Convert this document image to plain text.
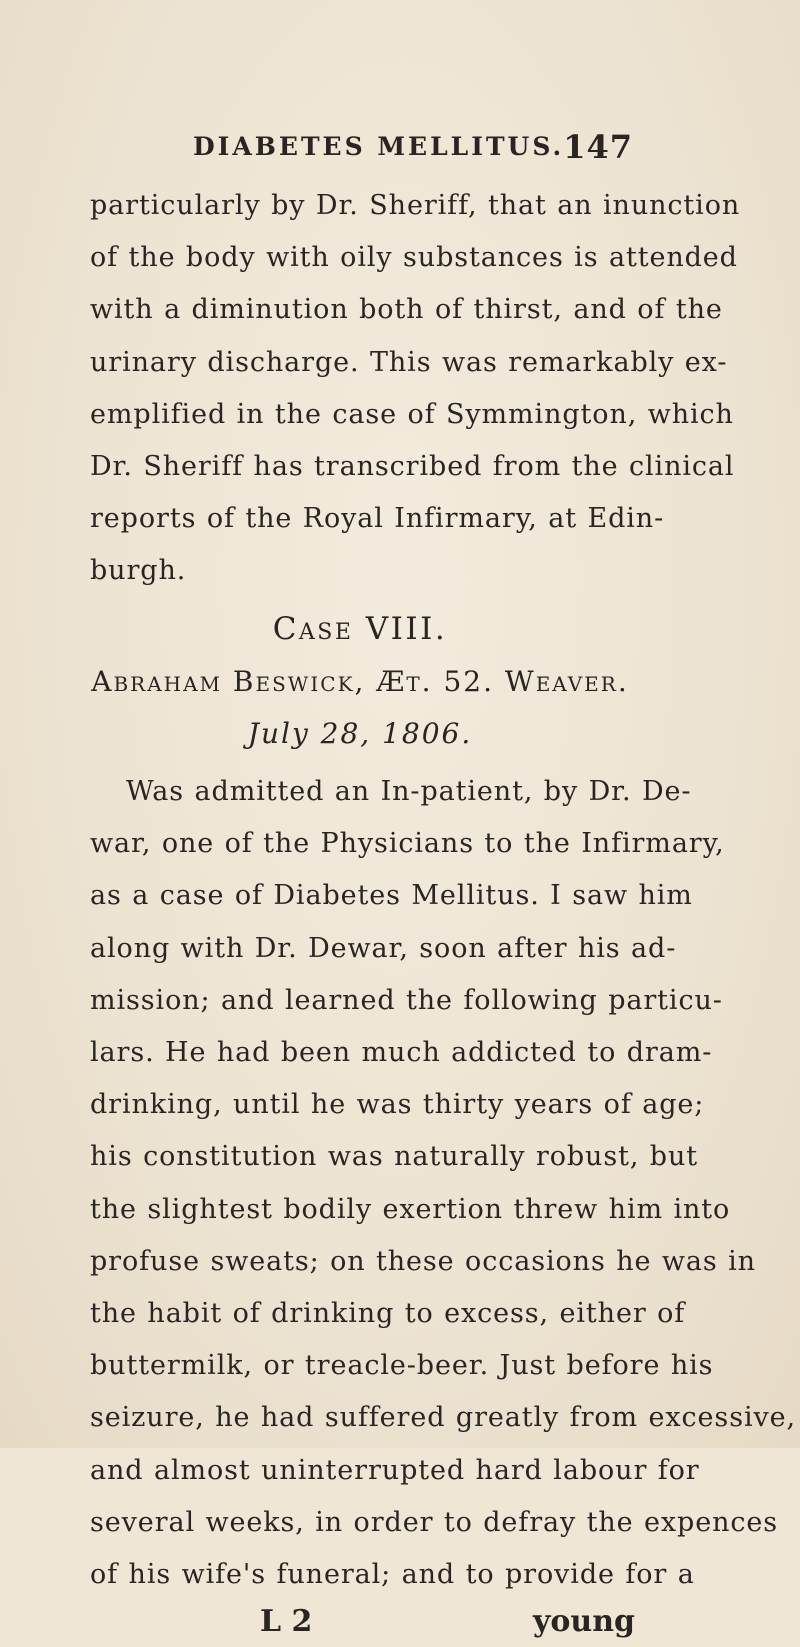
DIABETES MELLITUS.
147
particularly by Dr. Sheriff, that an inunction
of the body with oily substances is attended
with a diminution both of thirst, and of the
urinary discharge. This was remarkably ex-
emplified in the case of Symmington, which
Dr. Sheriff has transcribed from the clinical
reports of the Royal Infirmary, at Edin-
burgh.
Case VIII.
Abraham Beswick, Æt. 52. Weaver.
July 28, 1806.
Was admitted an In-patient, by Dr. De-
war, one of the Physicians to the Infirmary,
as a case of Diabetes Mellitus. I saw him
along with Dr. Dewar, soon after his ad-
mission; and learned the following particu-
lars. He had been much addicted to dram-
drinking, until he was thirty years of age;
his constitution was naturally robust, but
the slightest bodily exertion threw him into
profuse sweats; on these occasions he was in
the habit of drinking to excess, either of
buttermilk, or treacle-beer. Just before his
seizure, he had suffered greatly from excessive,
and almost uninterrupted hard labour for
several weeks, in order to defray the expences
of his wife's funeral; and to provide for a
L 2	young
